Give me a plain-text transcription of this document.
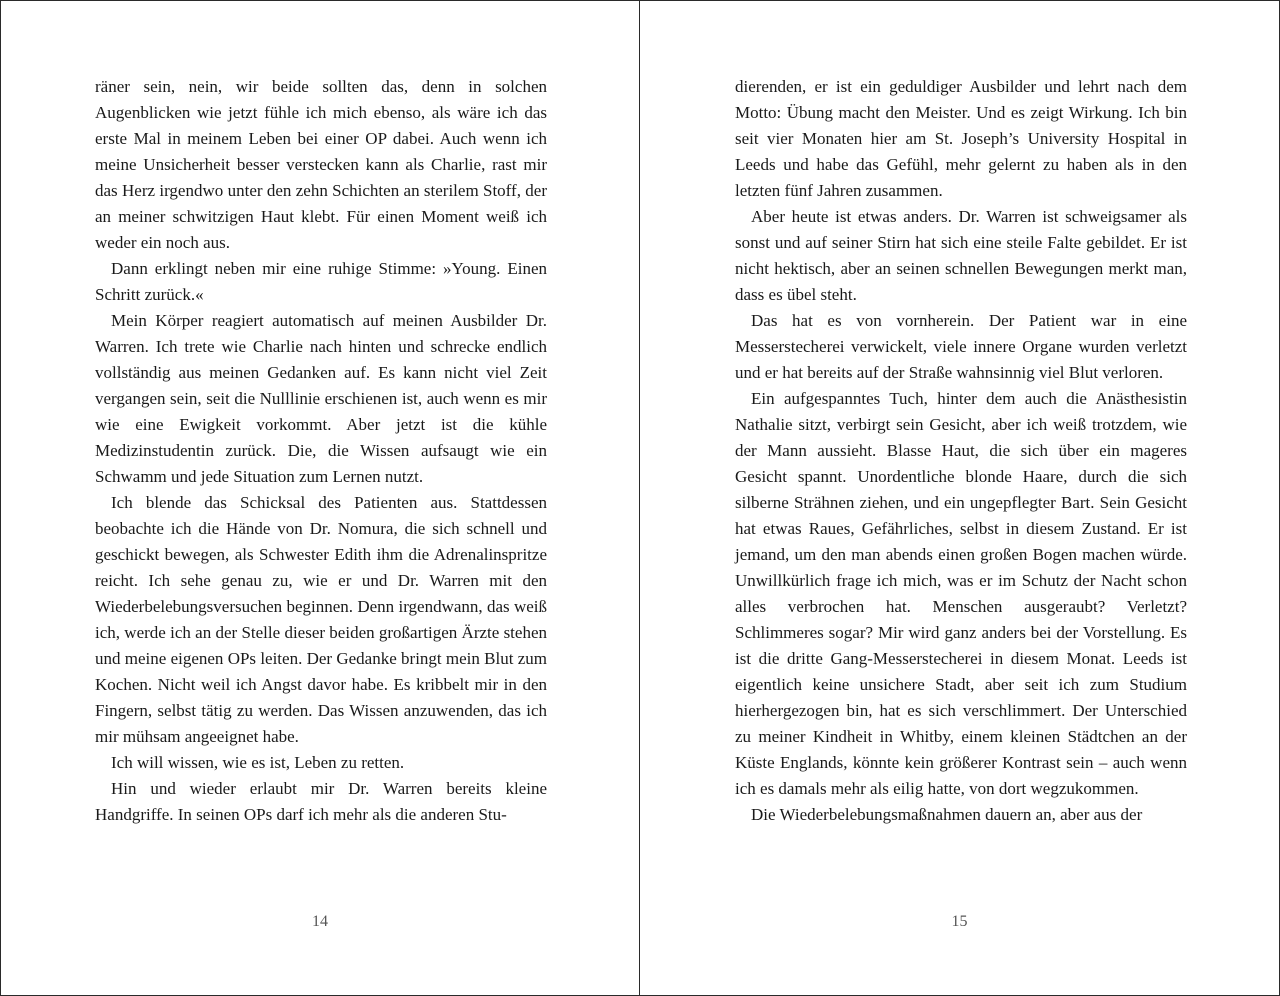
räner sein, nein, wir beide sollten das, denn in solchen Augenblicken wie jetzt fühle ich mich ebenso, als wäre ich das erste Mal in meinem Leben bei einer OP dabei. Auch wenn ich meine Unsicherheit besser verstecken kann als Charlie, rast mir das Herz irgendwo unter den zehn Schichten an sterilem Stoff, der an meiner schwitzigen Haut klebt. Für einen Moment weiß ich weder ein noch aus.

Dann erklingt neben mir eine ruhige Stimme: »Young. Einen Schritt zurück.«

Mein Körper reagiert automatisch auf meinen Ausbilder Dr. Warren. Ich trete wie Charlie nach hinten und schrecke endlich vollständig aus meinen Gedanken auf. Es kann nicht viel Zeit vergangen sein, seit die Nulllinie erschienen ist, auch wenn es mir wie eine Ewigkeit vorkommt. Aber jetzt ist die kühle Medizinstudentin zurück. Die, die Wissen aufsaugt wie ein Schwamm und jede Situation zum Lernen nutzt.

Ich blende das Schicksal des Patienten aus. Stattdessen beobachte ich die Hände von Dr. Nomura, die sich schnell und geschickt bewegen, als Schwester Edith ihm die Adrenalinspritze reicht. Ich sehe genau zu, wie er und Dr. Warren mit den Wiederbelebungsversuchen beginnen. Denn irgendwann, das weiß ich, werde ich an der Stelle dieser beiden großartigen Ärzte stehen und meine eigenen OPs leiten. Der Gedanke bringt mein Blut zum Kochen. Nicht weil ich Angst davor habe. Es kribbelt mir in den Fingern, selbst tätig zu werden. Das Wissen anzuwenden, das ich mir mühsam angeeignet habe.

Ich will wissen, wie es ist, Leben zu retten.

Hin und wieder erlaubt mir Dr. Warren bereits kleine Handgriffe. In seinen OPs darf ich mehr als die anderen Stu-

14

dierenden, er ist ein geduldiger Ausbilder und lehrt nach dem Motto: Übung macht den Meister. Und es zeigt Wirkung. Ich bin seit vier Monaten hier am St. Joseph’s University Hospital in Leeds und habe das Gefühl, mehr gelernt zu haben als in den letzten fünf Jahren zusammen.

Aber heute ist etwas anders. Dr. Warren ist schweigsamer als sonst und auf seiner Stirn hat sich eine steile Falte gebildet. Er ist nicht hektisch, aber an seinen schnellen Bewegungen merkt man, dass es übel steht.

Das hat es von vornherein. Der Patient war in eine Messerstecherei verwickelt, viele innere Organe wurden verletzt und er hat bereits auf der Straße wahnsinnig viel Blut verloren.

Ein aufgespanntes Tuch, hinter dem auch die Anästhesistin Nathalie sitzt, verbirgt sein Gesicht, aber ich weiß trotzdem, wie der Mann aussieht. Blasse Haut, die sich über ein mageres Gesicht spannt. Unordentliche blonde Haare, durch die sich silberne Strähnen ziehen, und ein ungepflegter Bart. Sein Gesicht hat etwas Raues, Gefährliches, selbst in diesem Zustand. Er ist jemand, um den man abends einen großen Bogen machen würde. Unwillkürlich frage ich mich, was er im Schutz der Nacht schon alles verbrochen hat. Menschen ausgeraubt? Verletzt? Schlimmeres sogar? Mir wird ganz anders bei der Vorstellung. Es ist die dritte Gang-Messerstecherei in diesem Monat. Leeds ist eigentlich keine unsichere Stadt, aber seit ich zum Studium hierhergezogen bin, hat es sich verschlimmert. Der Unterschied zu meiner Kindheit in Whitby, einem kleinen Städtchen an der Küste Englands, könnte kein größerer Kontrast sein – auch wenn ich es damals mehr als eilig hatte, von dort wegzukommen.

Die Wiederbelebungsmaßnahmen dauern an, aber aus der

15
